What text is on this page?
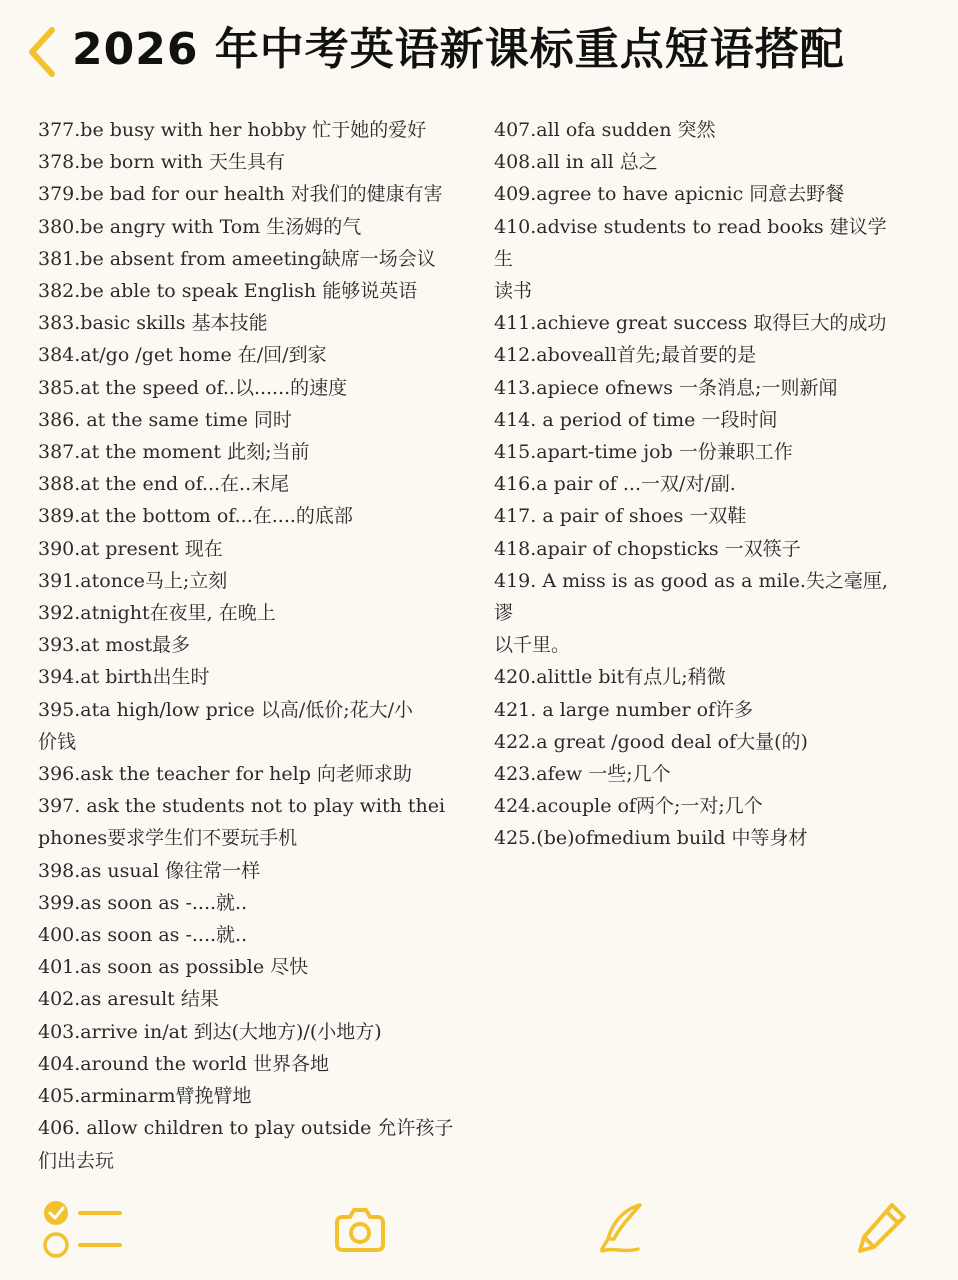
2026 年中考英语新课标重点短语搭配
377.be busy with her hobby 忙于她的爱好
378.be born with 天生具有
379.be bad for our health 对我们的健康有害
380.be angry with Tom 生汤姆的气
381.be absent from ameeting缺席一场会议
382.be able to speak English 能够说英语
383.basic skills 基本技能
384.at/go /get home 在/回/到家
385.at the speed of..以......的速度
386. at the same time 同时
387.at the moment 此刻;当前
388.at the end of...在..末尾
389.at the bottom of...在....的底部
390.at present 现在
391.atonce马上;立刻
392.atnight在夜里, 在晚上
393.at most最多
394.at birth出生时
395.ata high/low price 以高/低价;花大/小
价钱
396.ask the teacher for help 向老师求助
397. ask the students not to play with thei
phones要求学生们不要玩手机
398.as usual 像往常一样
399.as soon as -....就..
400.as soon as -....就..
401.as soon as possible 尽快
402.as aresult 结果
403.arrive in/at 到达(大地方)/(小地方)
404.around the world 世界各地
405.arminarm臂挽臂地
406. allow children to play outside 允许孩子
们出去玩
407.all ofa sudden 突然
408.all in all 总之
409.agree to have apicnic 同意去野餐
410.advise students to read books 建议学生
读书
411.achieve great success 取得巨大的成功
412.aboveall首先;最首要的是
413.apiece ofnews 一条消息;一则新闻
414. a period of time 一段时间
415.apart-time job 一份兼职工作
416.a pair of ...一双/对/副.
417. a pair of shoes 一双鞋
418.apair of chopsticks 一双筷子
419. A miss is as good as a mile.失之毫厘,谬
以千里。
420.alittle bit有点儿;稍微
421. a large number of许多
422.a great /good deal of大量(的)
423.afew 一些;几个
424.acouple of两个;一对;几个
425.(be)ofmedium build 中等身材
